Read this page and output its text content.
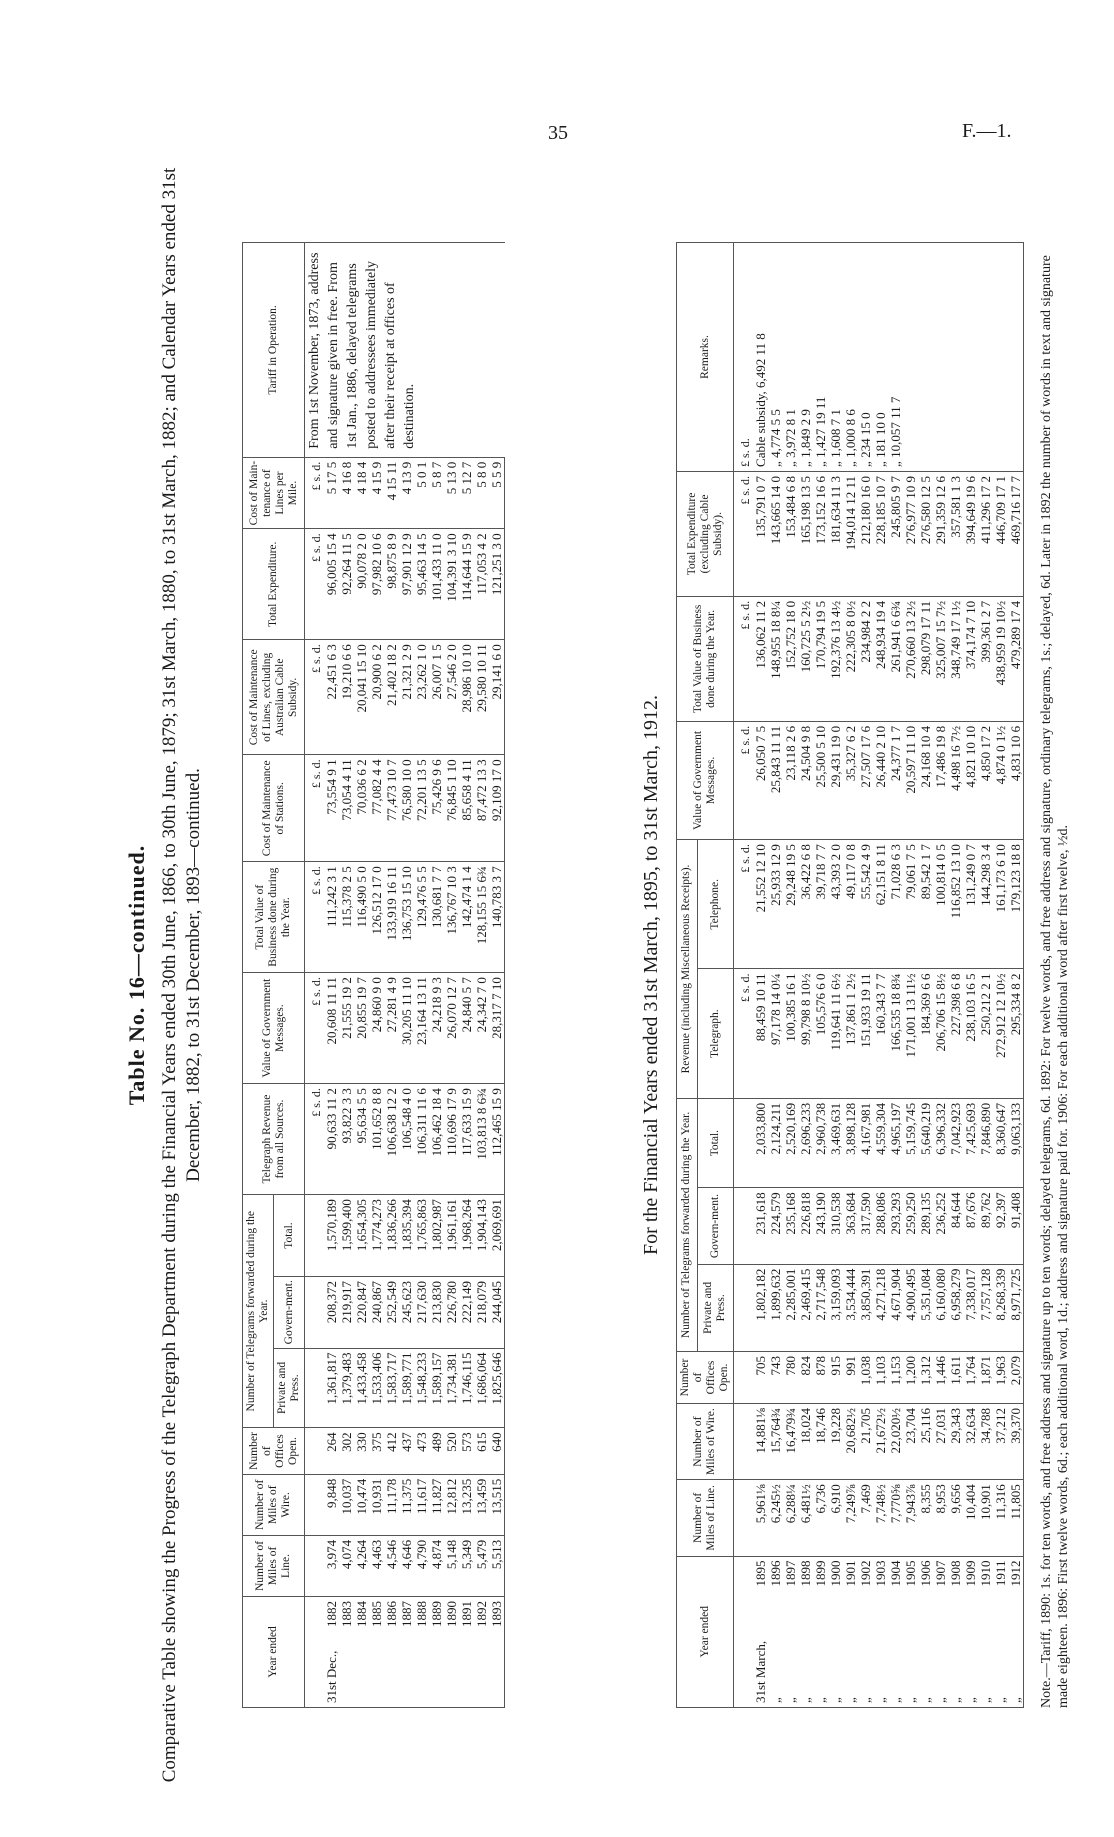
35	F.—1.
Table No. 16—continued. Comparative Table showing the Progress of the Telegraph Department during the Financial Years ended 30th June, 1866, to 30th June, 1879; 31st March, 1880, to 31st March, 1882; and Calendar Years ended 31st December, 1882, to 31st December, 1893—continued.
Year ended	Number of Miles of Line.	Number of Miles of Wire.	Number of Offices Open.	Number of Telegrams forwarded during the Year.			Telegraph Revenue from all Sources.	Value of Government Messages.	Total Value of Business done during the Year.	Cost of Maintenance of Stations.	Cost of Maintenance of Lines, excluding Australian Cable Subsidy.	Total Expenditure.	Cost of Main-tenance of Lines per Mile.	Tariff in Operation.
				Private and Press.	Govern-ment.	Total.								
							£ s. d.	£ s. d.	£ s. d.	£ s. d.	£ s. d.	£ s. d.	£ s. d.	From 1st November, 1873, address and signature given in free. From 1st Jan., 1886, delayed telegrams posted to addressees immediately after their receipt at offices of destination.
31st Dec.,
1882	3,974	9,848	264	1,361,817	208,372	1,570,189	90,633 11 2	20,608 11 11	111,242 3 1	73,554 9 1	22,451 6 3	96,005 15 4	5 17 5	

1883	4,074	10,037	302	1,379,483	219,917	1,599,400	93,822 3 3	21,555 19 2	115,378 2 5	73,054 4 11	19,210 6 6	92,264 11 5	4 16 8	

1884	4,264	10,474	330	1,433,458	220,847	1,654,305	95,634 5 5	20,855 19 7	116,490 5 0	70,036 6 2	20,041 15 10	90,078 2 0	4 18 4	

1885	4,463	10,931	375	1,533,406	240,867	1,774,273	101,652 8 8	24,860 9 0	126,512 17 0	77,082 4 4	20,900 6 2	97,982 10 6	4 15 9	

1886	4,546	11,178	412	1,583,717	252,549	1,836,266	106,638 12 2	27,281 4 9	133,919 16 11	77,473 10 7	21,402 18 2	98,875 8 9	4 15 11	

1887	4,646	11,375	437	1,589,771	245,623	1,835,394	106,548 4 0	30,205 11 10	136,753 15 10	76,580 10 0	21,321 2 9	97,901 12 9	4 13 9	

1888	4,790	11,617	473	1,548,233	217,630	1,765,863	106,311 11 6	23,164 13 11	129,476 5 5	72,201 13 5	23,262 1 0	95,463 14 5	5 0 1	

1889	4,874	11,827	489	1,589,157	213,830	1,802,987	106,462 18 4	24,218 9 3	130,681 7 7	75,426 9 6	26,007 1 5	101,433 11 0	5 8 7	

1890	5,148	12,812	520	1,734,381	226,780	1,961,161	110,696 17 9	26,070 12 7	136,767 10 3	76,845 1 10	27,546 2 0	104,391 3 10	5 13 0	

1891	5,349	13,235	573	1,746,115	222,149	1,968,264	117,633 15 9	24,840 5 7	142,474 1 4	85,658 4 11	28,986 10 10	114,644 15 9	5 12 7	

1892	5,479	13,459	615	1,686,064	218,079	1,904,143	103,813 8 6¾	24,342 7 0	128,155 15 6¾	87,472 13 3	29,580 10 11	117,053 4 2	5 8 0	

1893	5,513	13,515	640	1,825,646	244,045	2,069,691	112,465 15 9	28,317 7 10	140,783 3 7	92,109 17 0	29,141 6 0	121,251 3 0	5 5 9	
For the Financial Years ended 31st March, 1895, to 31st March, 1912.
Year ended	Number of Miles of Line.	Number of Miles of Wire.	Number of Offices Open.	Number of Telegrams forwarded during the Year.			Revenue (including Miscellaneous Receipts).		Value of Government Messages.	Total Value of Business done during the Year.	Total Expenditure (excluding Cable Subsidy).	Remarks.
				Private and Press.	Govern-ment.	Total.	Telegraph.	Telephone.				
							£ s. d.	£ s. d.	£ s. d.	£ s. d.	£ s. d.	£ s. d.
31st March,
1895	5,961⅛	14,881⅛	705	1,802,182	231,618	2,033,800	88,459 10 11	21,552 12 10	26,050 7 5	136,062 11 2	135,791 0 7	Cable subsidy, 6,492 11 8
„
1896	6,245½	15,764¾	743	1,899,632	224,579	2,124,211	97,178 14 0¼	25,933 12 9	25,843 11 11	148,955 18 8¼	143,665 14 0	„ 4,774 5 5
„
1897	6,288¼	16,479¾	780	2,285,001	235,168	2,520,169	100,385 16 1	29,248 19 5	23,118 2 6	152,752 18 0	153,484 6 8	„ 3,972 8 1
„
1898	6,481½	18,024	824	2,469,415	226,818	2,696,233	99,798 8 10½	36,422 6 8	24,504 9 8	160,725 5 2½	165,198 13 5	„ 1,849 2 9
„
1899	6,736	18,746	878	2,717,548	243,190	2,960,738	105,576 6 0	39,718 7 7	25,500 5 10	170,794 19 5	173,152 16 6	„ 1,427 19 11
„
1900	6,910	19,228	915	3,159,093	310,538	3,469,631	119,641 11 6½	43,393 2 0	29,431 19 0	192,376 13 4½	181,634 11 3	„ 1,608 7 1
„
1901	7,249⅞	20,682½	991	3,534,444	363,684	3,898,128	137,861 1 2½	49,117 0 8	35,327 6 2	222,305 8 0½	194,014 12 11	„ 1,000 8 6
„
1902	7,469	21,705	1,038	3,850,391	317,590	4,167,981	151,933 19 11	55,542 4 9	27,507 17 6	234,984 2 2	212,180 16 0	„ 234 15 0
„
1903	7,748½	21,672½	1,103	4,271,218	288,086	4,559,304	160,343 7 7	62,151 8 11	26,440 2 10	248,934 19 4	228,185 10 7	„ 181 10 0
„
1904	7,770⅝	22,020½	1,153	4,671,904	293,293	4,965,197	166,535 18 8¾	71,028 6 3	24,377 1 7	261,941 6 6¾	245,805 9 7	„ 10,057 11 7
„
1905	7,943⅞	23,704	1,200	4,900,495	259,250	5,159,745	171,001 13 11½	79,061 7 5	20,597 11 10	270,660 13 2½	276,977 10 9	
„
1906	8,355	25,116	1,312	5,351,084	289,135	5,640,219	184,369 6 6	89,542 1 7	24,168 10 4	298,079 17 11	276,580 12 5	
„
1907	8,953	27,031	1,446	6,160,080	236,252	6,396,332	206,706 15 8½	100,814 0 5	17,486 19 8	325,007 15 7½	291,359 12 6	
„
1908	9,656	29,343	1,611	6,958,279	84,644	7,042,923	227,398 6 8	116,852 13 10	4,498 16 7½	348,749 17 1½	357,581 1 3	
„
1909	10,404	32,634	1,764	7,338,017	87,676	7,425,693	238,103 16 5	131,249 0 7	4,821 10 10	374,174 7 10	394,649 19 6	
„
1910	10,901	34,788	1,871	7,757,128	89,762	7,846,890	250,212 2 1	144,298 3 4	4,850 17 2	399,361 2 7	411,296 17 2	
„
1911	11,316	37,212	1,963	8,268,339	92,397	8,360,647	272,912 12 10½	161,173 6 10	4,874 0 1½	438,959 19 10½	446,709 17 1	
„
1912	11,805	39,370	2,079	8,971,725	91,408	9,063,133	295,334 8 2	179,123 18 8	4,831 10 6	479,289 17 4	469,716 17 7	Note.—Tariff, 1890: 1s. for ten words, and free address and signature up to ten words; delayed telegrams, 6d. 1892: For twelve words, and free address and signature, ordinary telegrams, 1s.; delayed, 6d. Later in 1892 the number of words in text and signature made eighteen. 1896: First twelve words, 6d.; each additional word, 1d.; address and signature paid for. 1906: For each additional word after first twelve, ½d.
